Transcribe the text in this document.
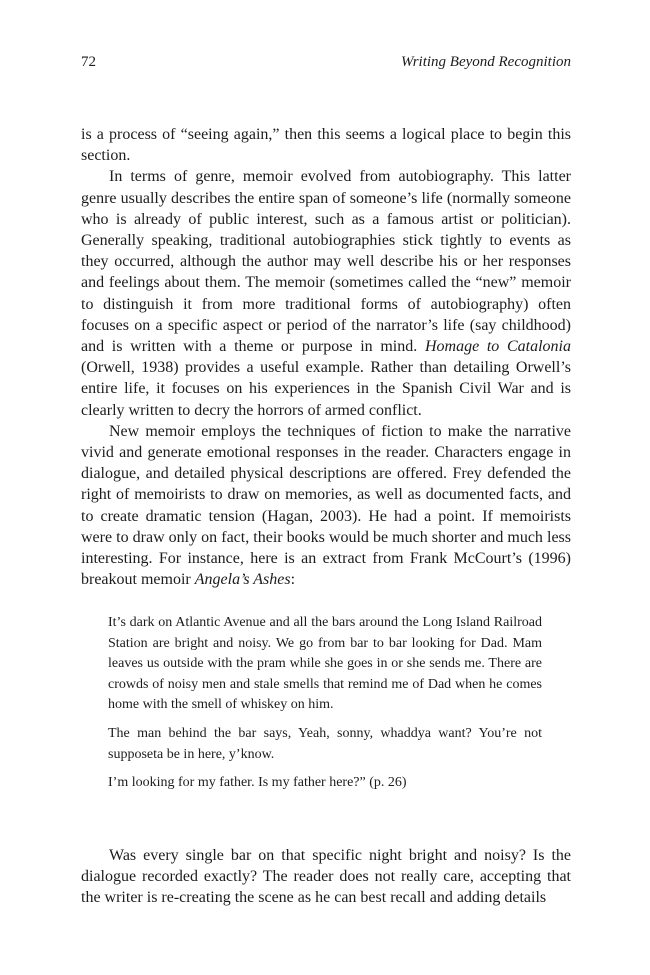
72	Writing Beyond Recognition

is a process of “seeing again,” then this seems a logical place to begin this section.

In terms of genre, memoir evolved from autobiography. This latter genre usually describes the entire span of someone’s life (normally someone who is already of public interest, such as a famous artist or politician). Generally speaking, traditional autobiographies stick tightly to events as they occurred, although the author may well describe his or her responses and feelings about them. The memoir (sometimes called the “new” memoir to distinguish it from more traditional forms of autobiography) often focuses on a specific aspect or period of the narrator’s life (say childhood) and is written with a theme or purpose in mind. Homage to Catalonia (Orwell, 1938) provides a useful example. Rather than detailing Orwell’s entire life, it focuses on his experiences in the Spanish Civil War and is clearly written to decry the horrors of armed conflict.

New memoir employs the techniques of fiction to make the narrative vivid and generate emotional responses in the reader. Characters engage in dialogue, and detailed physical descriptions are offered. Frey defended the right of memoirists to draw on memories, as well as documented facts, and to create dramatic tension (Hagan, 2003). He had a point. If memoirists were to draw only on fact, their books would be much shorter and much less interesting. For instance, here is an extract from Frank McCourt’s (1996) breakout memoir Angela’s Ashes:

It’s dark on Atlantic Avenue and all the bars around the Long Island Railroad Station are bright and noisy. We go from bar to bar looking for Dad. Mam leaves us outside with the pram while she goes in or she sends me. There are crowds of noisy men and stale smells that remind me of Dad when he comes home with the smell of whiskey on him.

The man behind the bar says, Yeah, sonny, whaddya want? You’re not supposeta be in here, y’know.

I’m looking for my father. Is my father here?” (p. 26)

Was every single bar on that specific night bright and noisy? Is the dialogue recorded exactly? The reader does not really care, accepting that the writer is re-creating the scene as he can best recall and adding details
